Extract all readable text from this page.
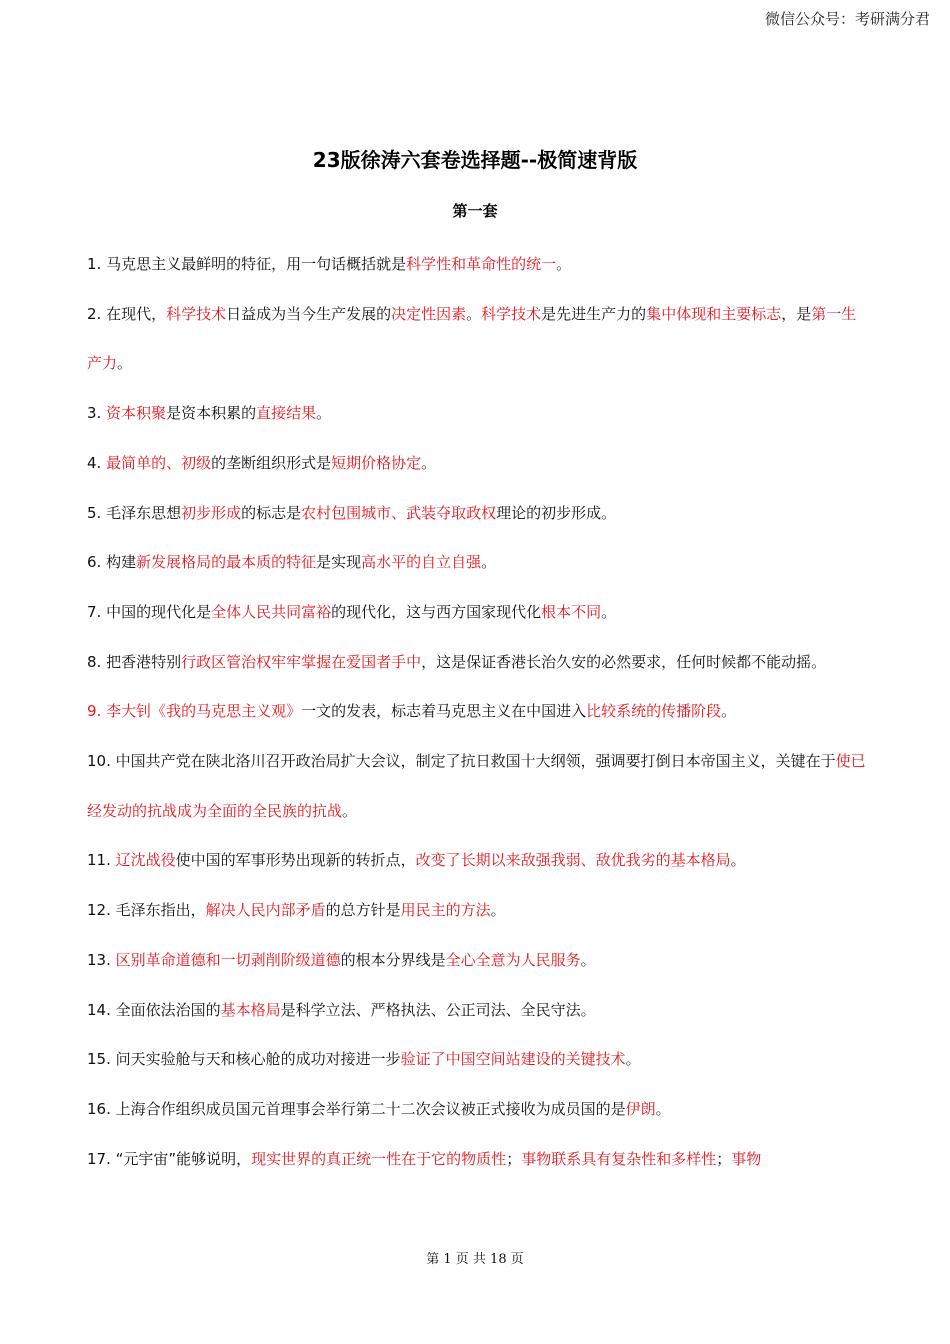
微信公众号：考研满分君
23版徐涛六套卷选择题--极简速背版
第一套

1. 马克思主义最鲜明的特征，用一句话概括就是科学性和革命性的统一。

2. 在现代，科学技术日益成为当今生产发展的决定性因素。科学技术是先进生产力的集中体现和主要标志，是第一生产力。

3. 资本积聚是资本积累的直接结果。

4. 最简单的、初级的垄断组织形式是短期价格协定。

5. 毛泽东思想初步形成的标志是农村包围城市、武装夺取政权理论的初步形成。

6. 构建新发展格局的最本质的特征是实现高水平的自立自强。

7. 中国的现代化是全体人民共同富裕的现代化，这与西方国家现代化根本不同。

8. 把香港特别行政区管治权牢牢掌握在爱国者手中，这是保证香港长治久安的必然要求，任何时候都不能动摇。

9. 李大钊《我的马克思主义观》一文的发表，标志着马克思主义在中国进入比较系统的传播阶段。

10. 中国共产党在陕北洛川召开政治局扩大会议，制定了抗日救国十大纲领，强调要打倒日本帝国主义，关键在于使已经发动的抗战成为全面的全民族的抗战。

11. 辽沈战役使中国的军事形势出现新的转折点，改变了长期以来敌强我弱、敌优我劣的基本格局。

12. 毛泽东指出，解决人民内部矛盾的总方针是用民主的方法。

13. 区别革命道德和一切剥削阶级道德的根本分界线是全心全意为人民服务。

14. 全面依法治国的基本格局是科学立法、严格执法、公正司法、全民守法。

15. 问天实验舱与天和核心舱的成功对接进一步验证了中国空间站建设的关键技术。

16. 上海合作组织成员国元首理事会举行第二十二次会议被正式接收为成员国的是伊朗。

17. “元宇宙”能够说明，现实世界的真正统一性在于它的物质性；事物联系具有复杂性和多样性；事物

第 1 页 共 18 页
